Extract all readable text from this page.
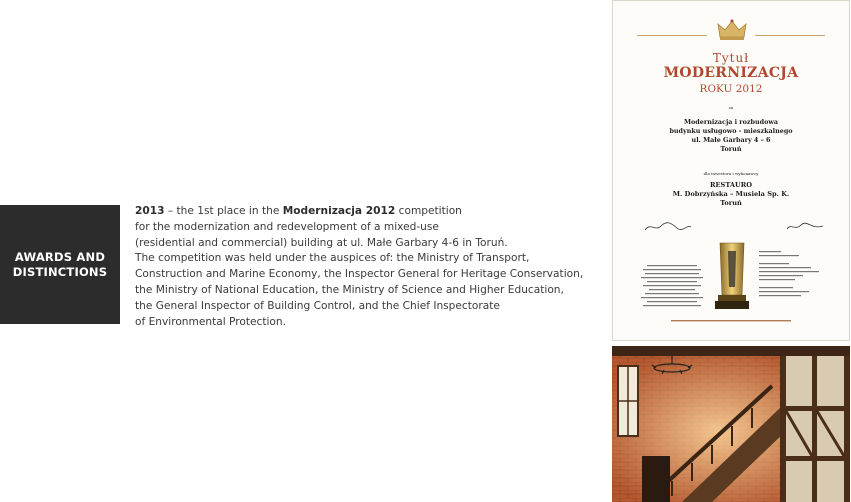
AWARDS AND
DISTINCTIONS
2013 – the 1st place in the Modernizacja 2012 competition
for the modernization and redevelopment of a mixed-use
(residential and commercial) building at ul. Małe Garbary 4-6 in Toruń.
The competition was held under the auspices of: the Ministry of Transport,
Construction and Marine Economy, the Inspector General for Heritage Conservation,
the Ministry of National Education, the Ministry of Science and Higher Education,
the General Inspector of Building Control, and the Chief Inspectorate
of Environmental Protection.
Tytuł
MODERNIZACJA
ROKU 2012
za
Modernizacja i rozbudowa
budynku usługowo - mieszkalnego
ul. Małe Garbary 4 – 6
Toruń
dla inwestora i wykonawcy
RESTAURO
M. Dobrzyńska – Musiela Sp. K.
Toruń
